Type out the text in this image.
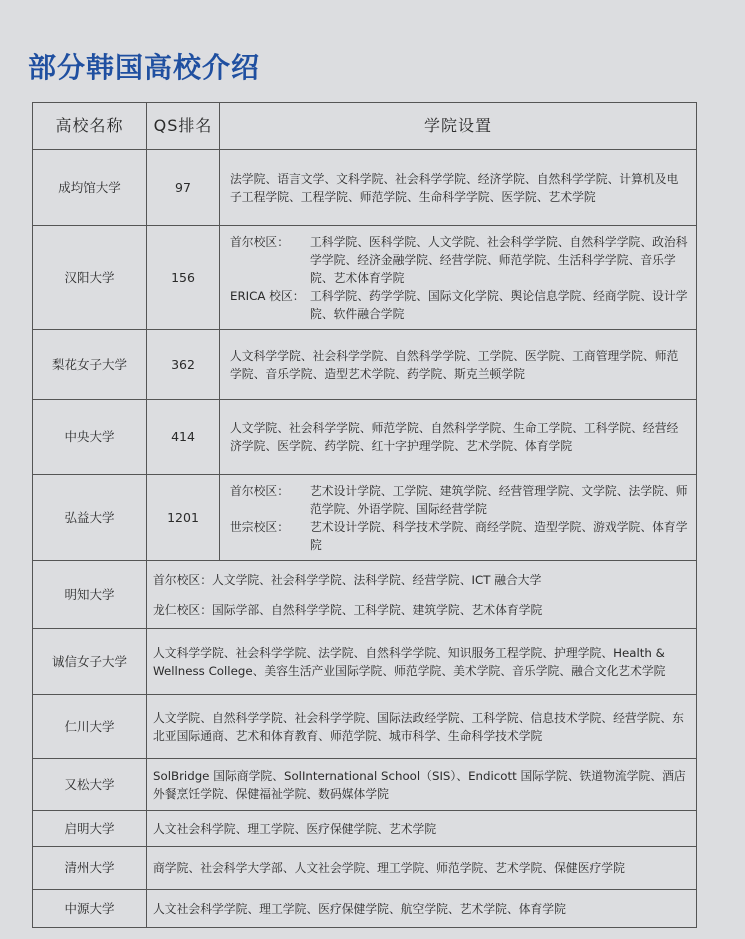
部分韩国高校介绍
高校名称	QS排名	学院设置
成均馆大学	97	法学院、语言文学、文科学院、社会科学学院、经济学院、自然科学学院、计算机及电子工程学院、工程学院、师范学院、生命科学学院、医学院、艺术学院
汉阳大学	156	首尔校区： 工科学院、医科学院、人文学院、社会科学学院、自然科学学院、政治科学学院、经济金融学院、经营学院、师范学院、生活科学学院、音乐学院、艺术体育学院
ERICA 校区： 工科学院、药学学院、国际文化学院、舆论信息学院、经商学院、设计学院、软件融合学院

梨花女子大学	362	人文科学学院、社会科学学院、自然科学学院、工学院、医学院、工商管理学院、师范学院、音乐学院、造型艺术学院、药学院、斯克兰顿学院
中央大学	414	人文学院、社会科学学院、师范学院、自然科学学院、生命工学院、工科学院、经营经济学院、医学院、药学院、红十字护理学院、艺术学院、体育学院
弘益大学	1201	首尔校区： 艺术设计学院、工学院、建筑学院、经营管理学院、文学院、法学院、师范学院、外语学院、国际经营学院
世宗校区： 艺术设计学院、科学技术学院、商经学院、造型学院、游戏学院、体育学院

明知大学	首尔校区：人文学院、社会科学学院、法科学院、经营学院、ICT 融合大学
龙仁校区：国际学部、自然科学学院、工科学院、建筑学院、艺术体育学院	

诚信女子大学	人文科学学院、社会科学学院、法学院、自然科学学院、知识服务工程学院、护理学院、Health & Wellness College、美容生活产业国际学院、师范学院、美术学院、音乐学院、融合文化艺术学院	
仁川大学	人文学院、自然科学学院、社会科学学院、国际法政经学院、工科学院、信息技术学院、经营学院、东北亚国际通商、艺术和体育教育、师范学院、城市科学、生命科学技术学院	
又松大学	SolBridge 国际商学院、SolInternational School（SIS）、Endicott 国际学院、铁道物流学院、酒店外餐烹饪学院、保健福祉学院、数码媒体学院	
启明大学	人文社会科学院、理工学院、医疗保健学院、艺术学院	
清州大学	商学院、社会科学大学部、人文社会学院、理工学院、师范学院、艺术学院、保健医疗学院	
中源大学	人文社会科学学院、理工学院、医疗保健学院、航空学院、艺术学院、体育学院	
